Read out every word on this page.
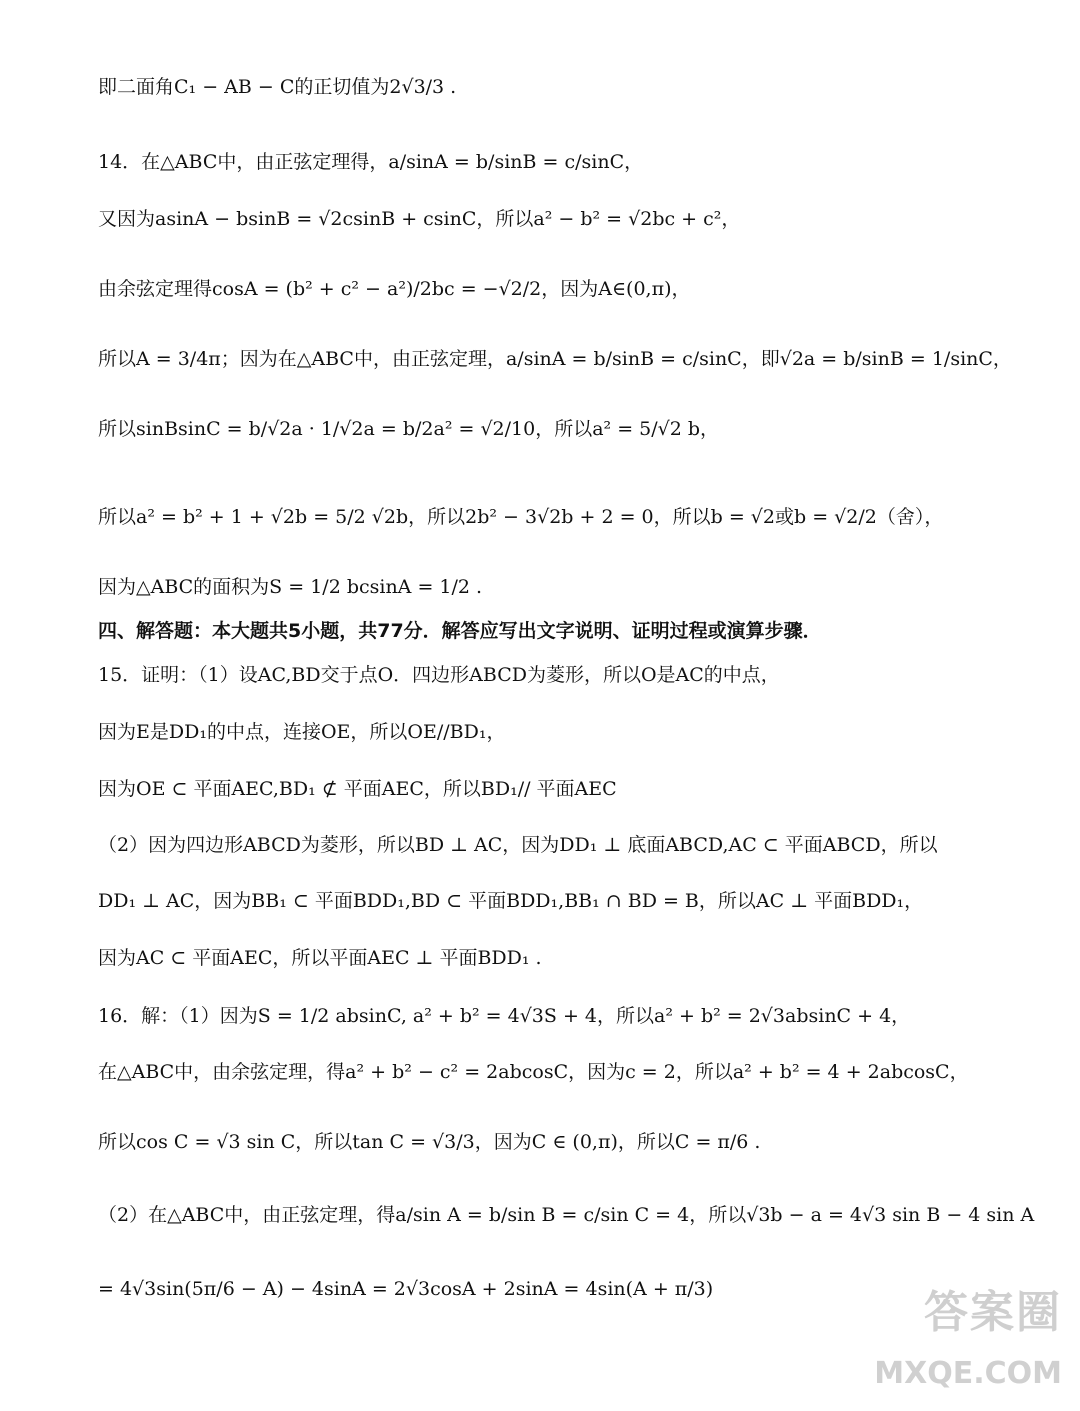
即二面角C₁ − AB − C的正切值为2√3/3 .
14．在△ABC中，由正弦定理得，a/sinA = b/sinB = c/sinC，
又因为asinA − bsinB = √2csinB + csinC，所以a² − b² = √2bc + c²，
由余弦定理得cosA = (b² + c² − a²)/2bc = −√2/2，因为A∈(0,π)，
所以A = 3/4π；因为在△ABC中，由正弦定理，a/sinA = b/sinB = c/sinC，即√2a = b/sinB = 1/sinC，
所以sinBsinC = b/√2a · 1/√2a = b/2a² = √2/10，所以a² = 5/√2 b，
所以a² = b² + 1 + √2b = 5/2 √2b，所以2b² − 3√2b + 2 = 0，所以b = √2或b = √2/2（舍），
因为△ABC的面积为S = 1/2 bcsinA = 1/2 .
四、解答题：本大题共5小题，共77分．解答应写出文字说明、证明过程或演算步骤．
15．证明：（1）设AC,BD交于点O．四边形ABCD为菱形，所以O是AC的中点，
因为E是DD₁的中点，连接OE，所以OE//BD₁，
因为OE ⊂ 平面AEC,BD₁ ⊄ 平面AEC，所以BD₁// 平面AEC
（2）因为四边形ABCD为菱形，所以BD ⊥ AC，因为DD₁ ⊥ 底面ABCD,AC ⊂ 平面ABCD，所以
DD₁ ⊥ AC，因为BB₁ ⊂ 平面BDD₁,BD ⊂ 平面BDD₁,BB₁ ∩ BD = B，所以AC ⊥ 平面BDD₁，
因为AC ⊂ 平面AEC，所以平面AEC ⊥ 平面BDD₁ .
16．解：（1）因为S = 1/2 absinC, a² + b² = 4√3S + 4，所以a² + b² = 2√3absinC + 4，
在△ABC中，由余弦定理，得a² + b² − c² = 2abcosC，因为c = 2，所以a² + b² = 4 + 2abcosC，
所以cos C = √3 sin C，所以tan C = √3/3，因为C ∈ (0,π)，所以C = π/6 .
（2）在△ABC中，由正弦定理，得a/sin A = b/sin B = c/sin C = 4，所以√3b − a = 4√3 sin B − 4 sin A
= 4√3sin(5π/6 − A) − 4sinA = 2√3cosA + 2sinA = 4sin(A + π/3)	答案圈
MXQE.COM
